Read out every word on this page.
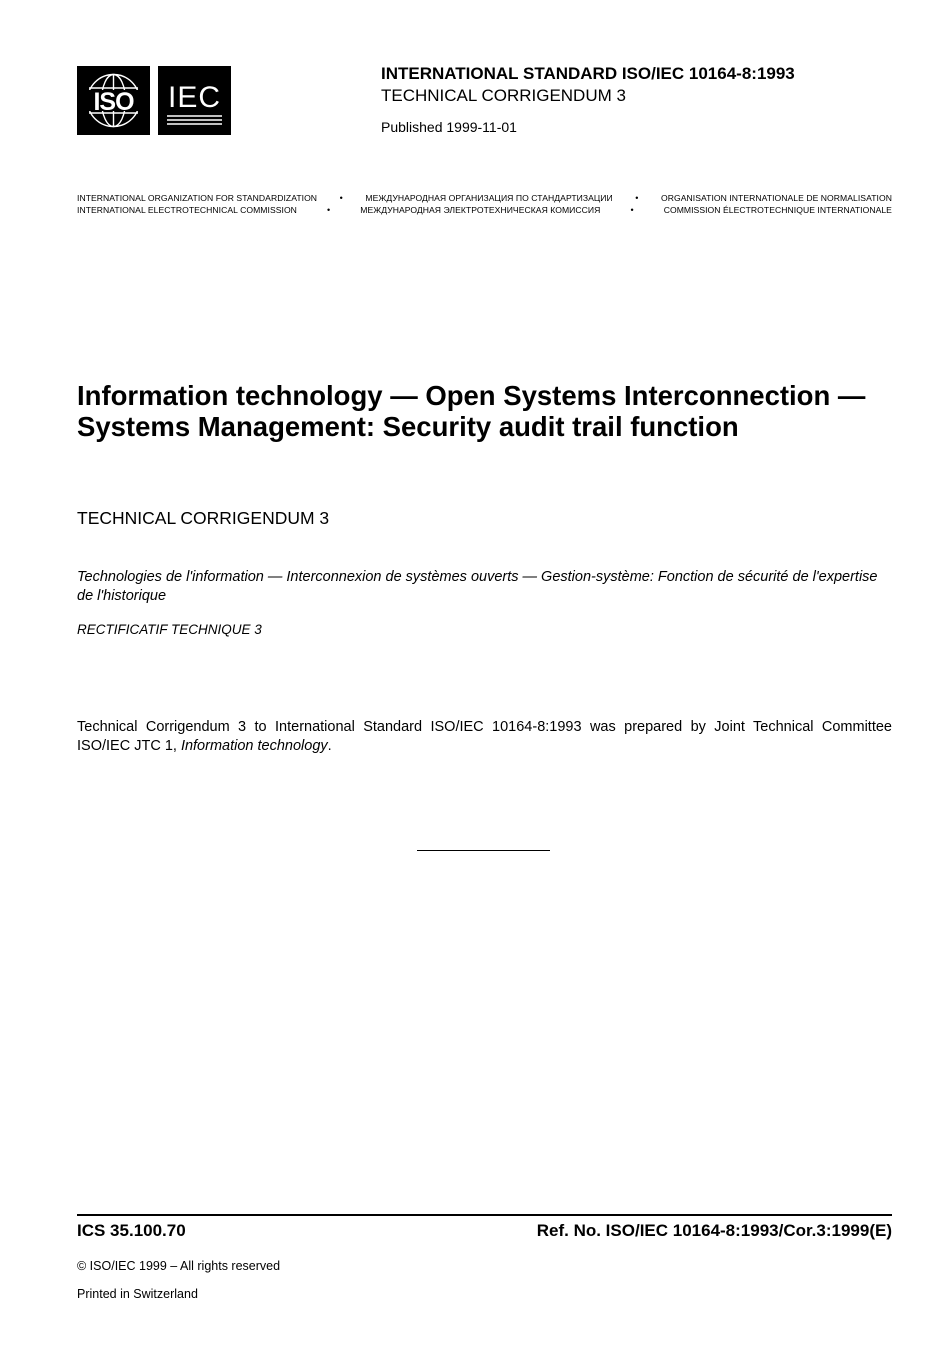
ISO IEC
INTERNATIONAL STANDARD ISO/IEC 10164-8:1993
TECHNICAL CORRIGENDUM 3
Published 1999-11-01
INTERNATIONAL ORGANIZATION FOR STANDARDIZATION	•	МЕЖДУНАРОДНАЯ ОРГАНИЗАЦИЯ ПО СТАНДАРТИЗАЦИИ	•	ORGANISATION INTERNATIONALE DE NORMALISATION
INTERNATIONAL ELECTROTECHNICAL COMMISSION	•	МЕЖДУНАРОДНАЯ ЭЛЕКТРОТЕХНИЧЕСКАЯ КОМИССИЯ	•	COMMISSION ÉLECTROTECHNIQUE INTERNATIONALE
Information technology — Open Systems Interconnection — Systems Management: Security audit trail function
TECHNICAL CORRIGENDUM 3
Technologies de l'information — Interconnexion de systèmes ouverts — Gestion-système: Fonction de sécurité de l'expertise de l'historique
RECTIFICATIF TECHNIQUE 3
Technical Corrigendum 3 to International Standard ISO/IEC 10164-8:1993 was prepared by Joint Technical Committee ISO/IEC JTC 1, Information technology.
ICS 35.100.70	Ref. No. ISO/IEC 10164-8:1993/Cor.3:1999(E)
© ISO/IEC 1999 – All rights reserved
Printed in Switzerland
